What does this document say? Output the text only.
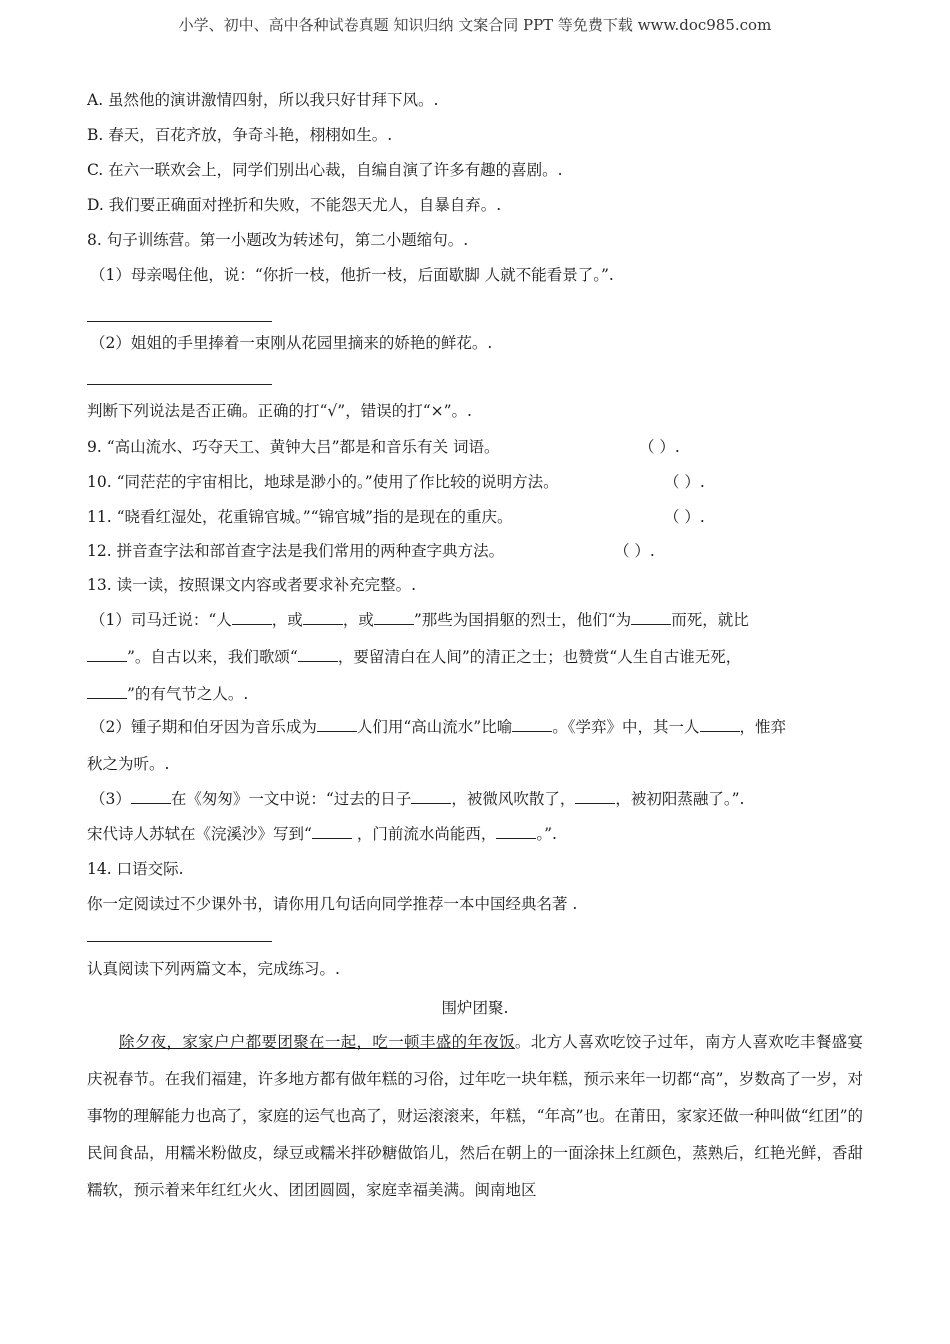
小学、初中、高中各种试卷真题 知识归纳 文案合同 PPT 等免费下载 www.doc985.com
A. 虽然他的演讲激情四射，所以我只好甘拜下风。.
B. 春天，百花齐放，争奇斗艳，栩栩如生。.
C. 在六一联欢会上，同学们别出心裁，自编自演了许多有趣的喜剧。.
D. 我们要正确面对挫折和失败，不能怨天尤人，自暴自弃。.
8. 句子训练营。第一小题改为转述句，第二小题缩句。.
（1）母亲喝住他，说：“你折一枝，他折一枝，后面歇脚 人就不能看景了。”.
（2）姐姐的手里捧着一束刚从花园里摘来的娇艳的鲜花。.
判断下列说法是否正确。正确的打“√”，错误的打“×”。.
9. “高山流水、巧夺天工、黄钟大吕”都是和音乐有关 词语。	（ ）.
10. “同茫茫的宇宙相比，地球是渺小的。”使用了作比较的说明方法。	（ ）.
11. “晓看红湿处，花重锦官城。”“锦官城”指的是现在的重庆。	（ ）.
12. 拼音查字法和部首查字法是我们常用的两种查字典方法。	（ ）.
13. 读一读，按照课文内容或者要求补充完整。.
（1）司马迁说：“人	，或	，或	”那些为国捐躯的烈士，他们“为	而死，就比
”。自古以来，我们歌颂“	，要留清白在人间”的清正之士；也赞赏“人生自古谁无死，
”的有气节之人。.
（2）锺子期和伯牙因为音乐成为	人们用“高山流水”比喻	。《学弈》中，其一人	，惟弈
秋之为听。.
（3）	在《匆匆》一文中说：“过去的日子	，被微风吹散了，	，被初阳蒸融了。”.
宋代诗人苏轼在《浣溪沙》写到“	，门前流水尚能西，	。”.
14. 口语交际.
你一定阅读过不少课外书，请你用几句话向同学推荐一本中国经典名著 .
认真阅读下列两篇文本，完成练习。.
围炉团聚.
除夕夜，家家户户都要团聚在一起，吃一顿丰盛的年夜饭。北方人喜欢吃饺子过年，南方人喜欢吃丰餐盛宴庆祝春节。在我们福建，许多地方都有做年糕的习俗，过年吃一块年糕，预示来年一切都“高”，岁数高了一岁，对事物的理解能力也高了，家庭的运气也高了，财运滚滚来，年糕，“年高”也。在莆田，家家还做一种叫做“红团”的民间食品，用糯米粉做皮，绿豆或糯米拌砂糖做馅儿，然后在朝上的一面涂抹上红颜色，蒸熟后，红艳光鲜，香甜糯软，预示着来年红红火火、团团圆圆，家庭幸福美满。闽南地区
